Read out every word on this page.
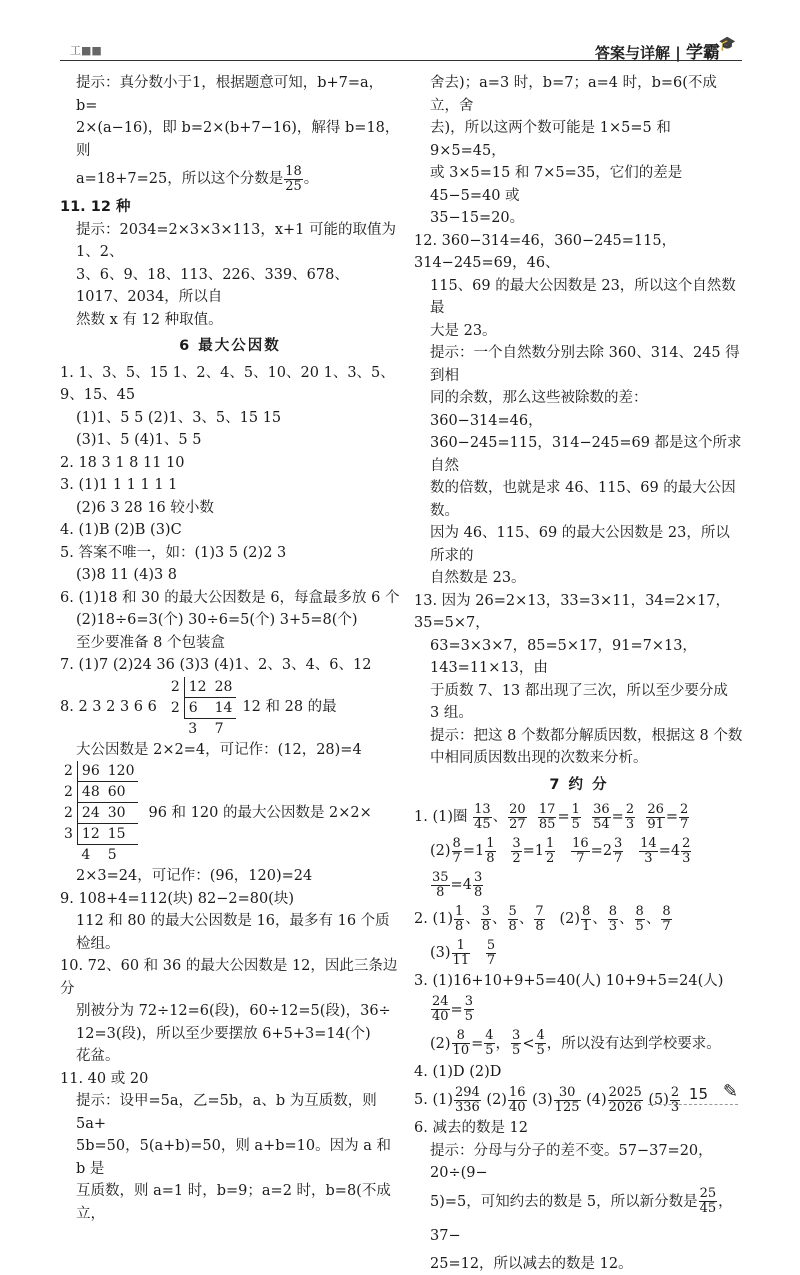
工■■	答案与详解 | 学霸
🎓

提示：真分数小于1，根据题意可知，b+7=a，b=

2×(a−16)，即 b=2×(b+7−16)，解得 b=18，则

a=18+7=25，所以这个分数是 $\frac{18}{25}$ 。

11. 12 种

提示：2034=2×3×3×113，x+1 可能的取值为1、2、

3、6、9、18、113、226、339、678、1017、2034，所以自

然数 x 有 12 种取值。

6 最大公因数

1. 1、3、5、15 1、2、4、5、10、20 1、3、5、9、15、45

(1)1、5 5 (2)1、3、5、15 15

(3)1、5 (4)1、5 5

2. 18 3 1 8 11 10

3. (1)1 1 1 1 1 1

(2)6 3 28 16 较小数

4. (1)B (2)B (3)C

5. 答案不唯一，如：(1)3 5 (2)2 3

(3)8 11 (4)3 8

6. (1)18 和 30 的最大公因数是 6，每盒最多放 6 个

(2)18÷6=3(个) 30÷6=5(个) 3+5=8(个)

至少要准备 8 个包装盒

7. (1)7 (2)24 36 (3)3 (4)1、2、3、4、6、12

8. 2 3 2 3 6 6
2	12	28
2	6	14
	3	7
12 和 28 的最

大公因数是 2×2=4，可记作：(12，28)=4

2	96	120
2	48	60
2	24	30
3	12	15
	4	5
96 和 120 的最大公因数是 2×2×

2×3=24，可记作：(96，120)=24

9. 108+4=112(块) 82−2=80(块)

112 和 80 的最大公因数是 16，最多有 16 个质

检组。

10. 72、60 和 36 的最大公因数是 12，因此三条边分

别被分为 72÷12=6(段)，60÷12=5(段)，36÷

12=3(段)，所以至少要摆放 6+5+3=14(个)

花盆。

11. 40 或 20

提示：设甲=5a，乙=5b，a、b 为互质数，则 5a+

5b=50，5(a+b)=50，则 a+b=10。因为 a 和 b 是

互质数，则 a=1 时，b=9；a=2 时，b=8(不成立，

舍去)；a=3 时，b=7；a=4 时，b=6(不成立，舍

去)，所以这两个数可能是 1×5=5 和 9×5=45，

或 3×5=15 和 7×5=35，它们的差是 45−5=40 或

35−15=20。

12. 360−314=46，360−245=115，314−245=69，46、

115、69 的最大公因数是 23，所以这个自然数最

大是 23。

提示：一个自然数分别去除 360、314、245 得到相

同的余数，那么这些被除数的差：360−314=46，

360−245=115，314−245=69 都是这个所求自然

数的倍数，也就是求 46、115、69 的最大公因数。

因为 46、115、69 的最大公因数是 23，所以所求的

自然数是 23。

13. 因为 26=2×13，33=3×11，34=2×17，35=5×7，

63=3×3×7，85=5×17，91=7×13，143=11×13，由

于质数 7、13 都出现了三次，所以至少要分成

3 组。

提示：把这 8 个数都分解质因数，根据这 8 个数

中相同质因数出现的次数来分析。

7 约 分

1. (1)圈 $\frac{13}{45}$ 、 $\frac{20}{27}$
$\frac{17}{85} = \frac{1}{5}$
$\frac{36}{54} = \frac{2}{3}$
$\frac{26}{91} = \frac{2}{7}$

$(2) \frac{8}{7} =1 \frac{1}{8}$
$\frac{3}{2} =1 \frac{1}{2}$
$\frac{16}{7} =2 \frac{3}{7}$
$\frac{14}{3} =4 \frac{2}{3}$

$\frac{35}{8} =4 \frac{3}{8}$

2. $(1) \frac{1}{8}$ 、 $\frac{3}{8}$ 、 $\frac{5}{8}$ 、 $\frac{7}{8} (2) \frac{8}{1}$ 、 $\frac{8}{3}$ 、 $\frac{8}{5}$ 、 $\frac{8}{7}$

$(3) \frac{1}{11}$
$\frac{5}{7}$

3. (1)16+10+9+5=40(人) 10+9+5=24(人)

$\frac{24}{40} = \frac{3}{5}$

$(2) \frac{8}{10} = \frac{4}{5}$ ， $\frac{3}{5} < \frac{4}{5}$ ，所以没有达到学校要求。

4. (1)D (2)D

5. $(1) \frac{294}{336} (2) \frac{16}{40} (3) \frac{30}{125} (4) \frac{2025}{2026} (5) \frac{2}{3}$

6. 减去的数是 12

提示：分母与分子的差不变。57−37=20，20÷(9−

5)=5，可知约去的数是 5，所以新分数是 $\frac{25}{45}$ ，37−

25=12，所以减去的数是 12。

15 ✎
